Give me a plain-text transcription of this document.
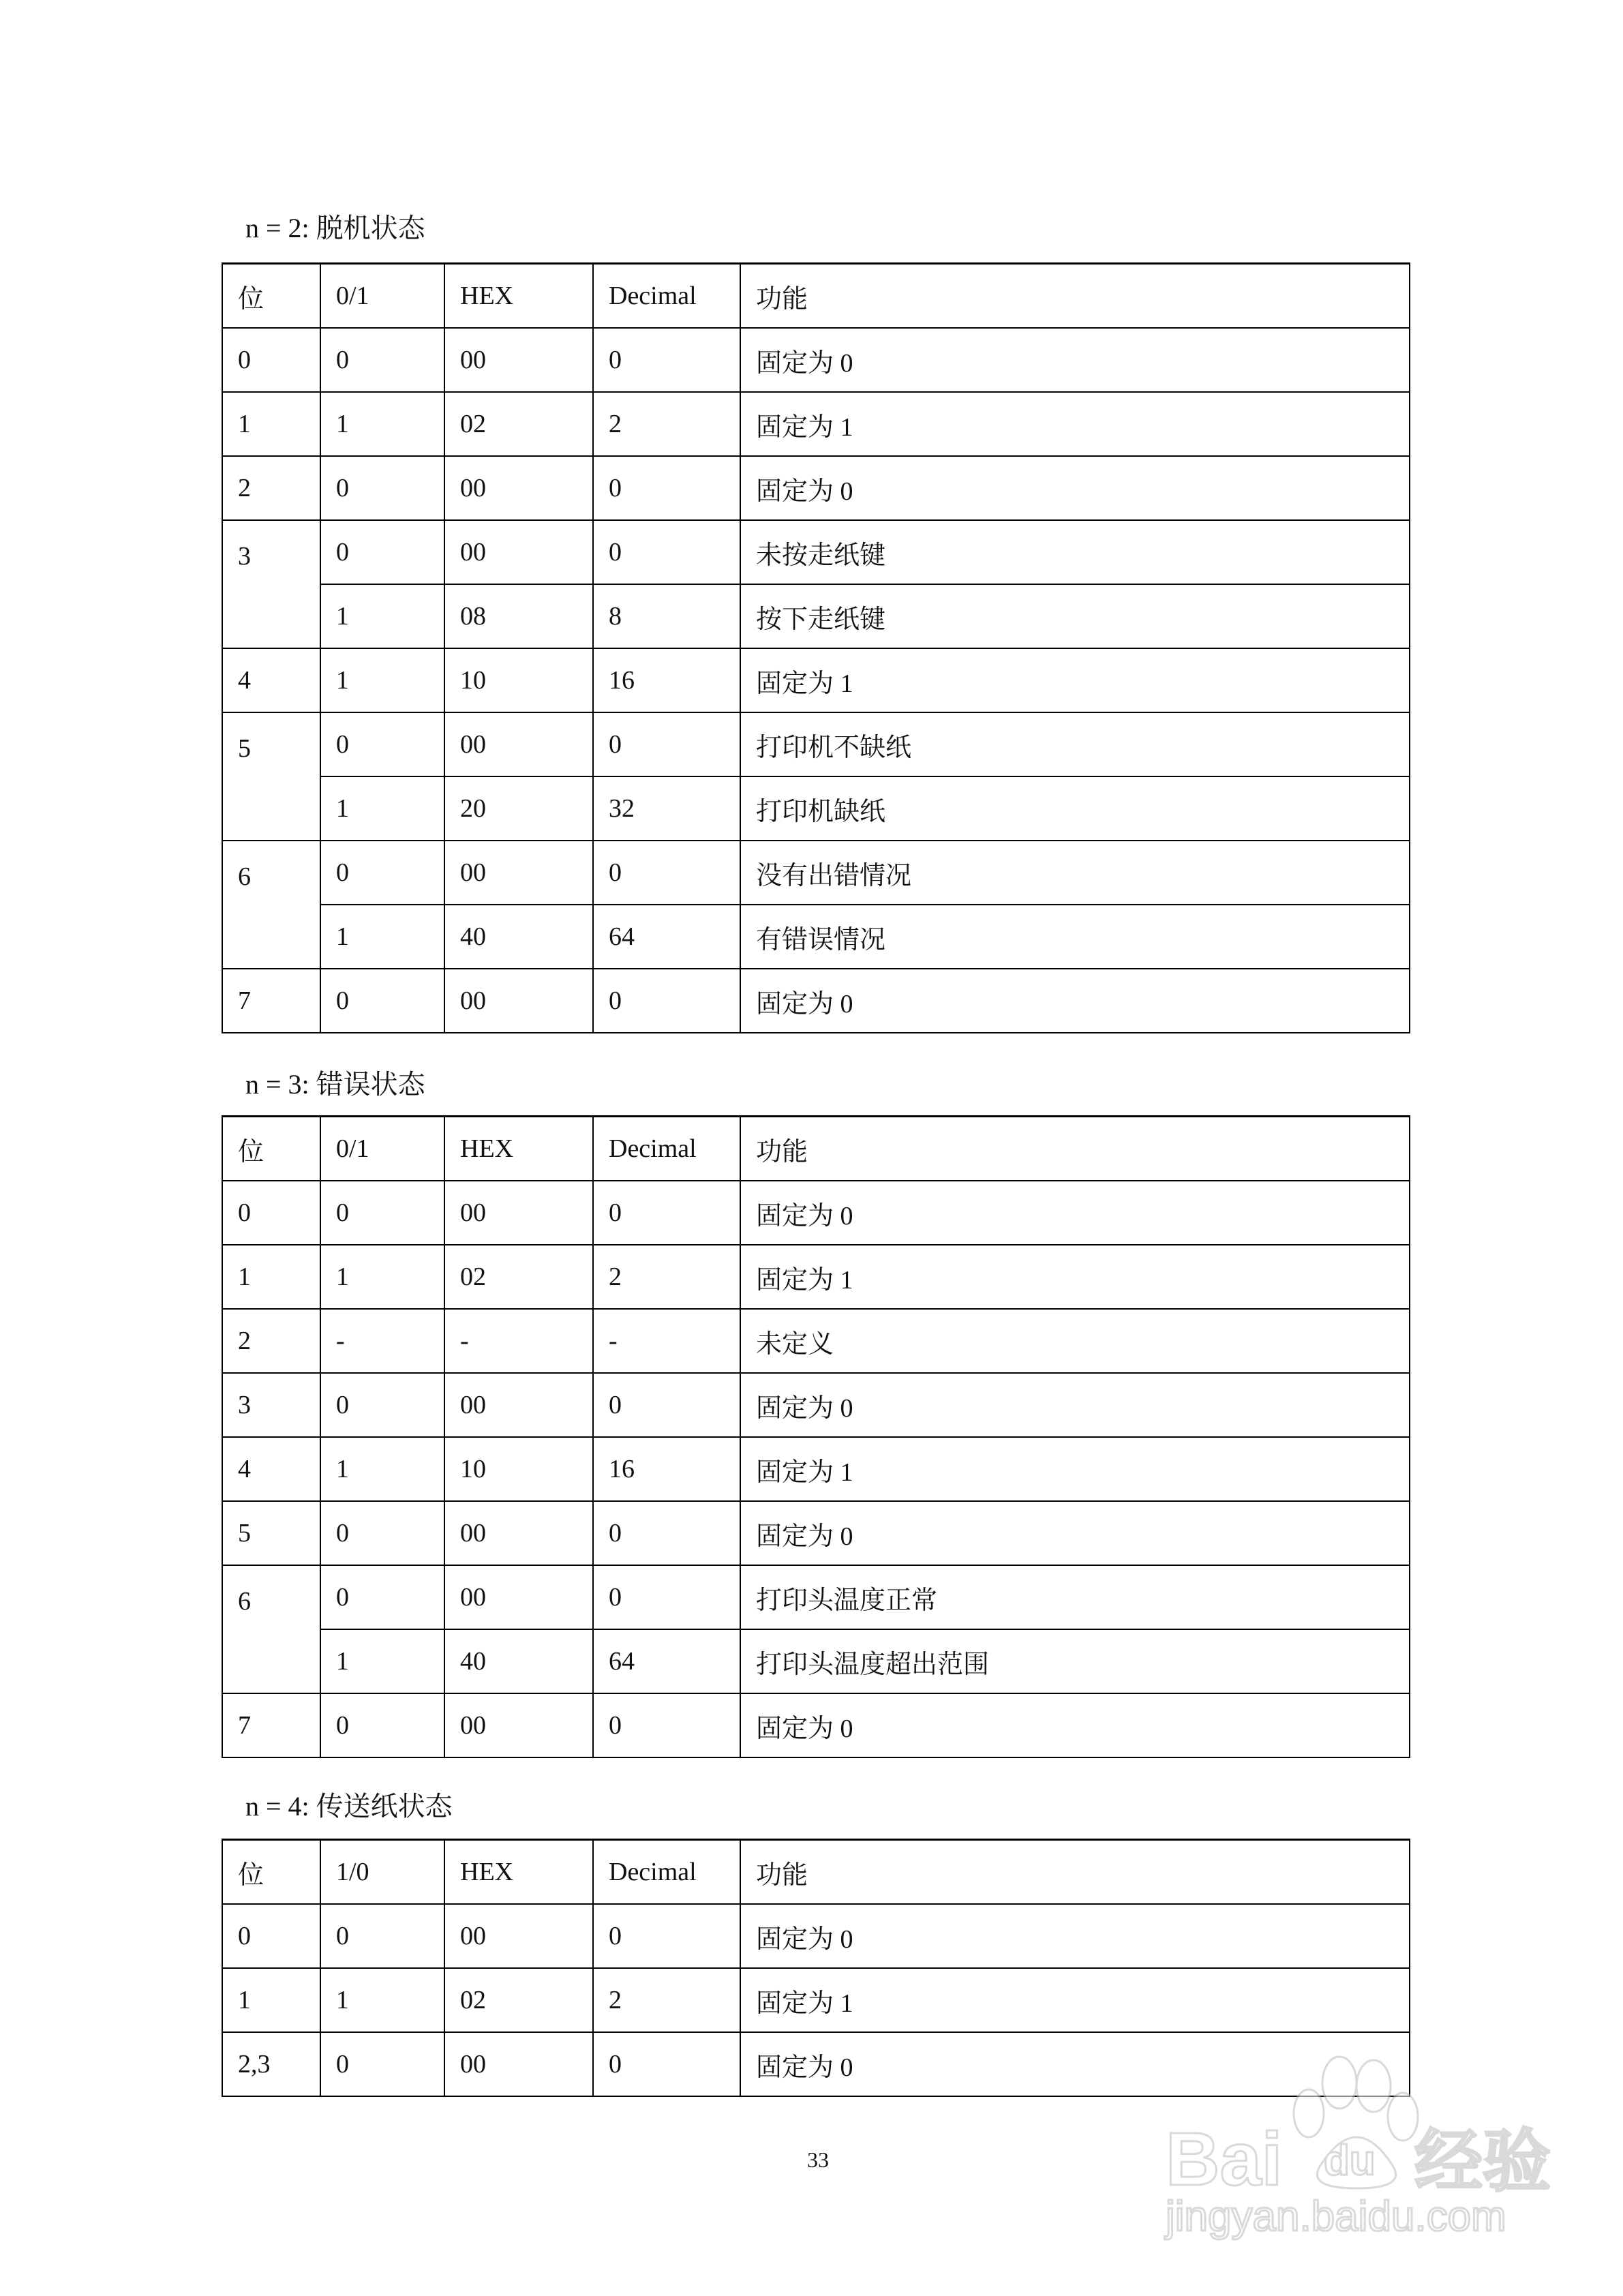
n = 2: 脱机状态
位	0/1	HEX	Decimal	功能
0	0	00	0	固定为 0
1	1	02	2	固定为 1
2	0	00	0	固定为 0
3	0	00	0	未按走纸键
	1	08	8	按下走纸键
4	1	10	16	固定为 1
5	0	00	0	打印机不缺纸
	1	20	32	打印机缺纸
6	0	00	0	没有出错情况
	1	40	64	有错误情况
7	0	00	0	固定为 0
n = 3: 错误状态
位	0/1	HEX	Decimal	功能
0	0	00	0	固定为 0
1	1	02	2	固定为 1
2	-	-	-	未定义
3	0	00	0	固定为 0
4	1	10	16	固定为 1
5	0	00	0	固定为 0
6	0	00	0	打印头温度正常
	1	40	64	打印头温度超出范围
7	0	00	0	固定为 0
n = 4: 传送纸状态
位	1/0	HEX	Decimal	功能
0	0	00	0	固定为 0
1	1	02	2	固定为 1
2,3	0	00	0	固定为 0
33	Bai du 经验
jingyan.baidu.com
